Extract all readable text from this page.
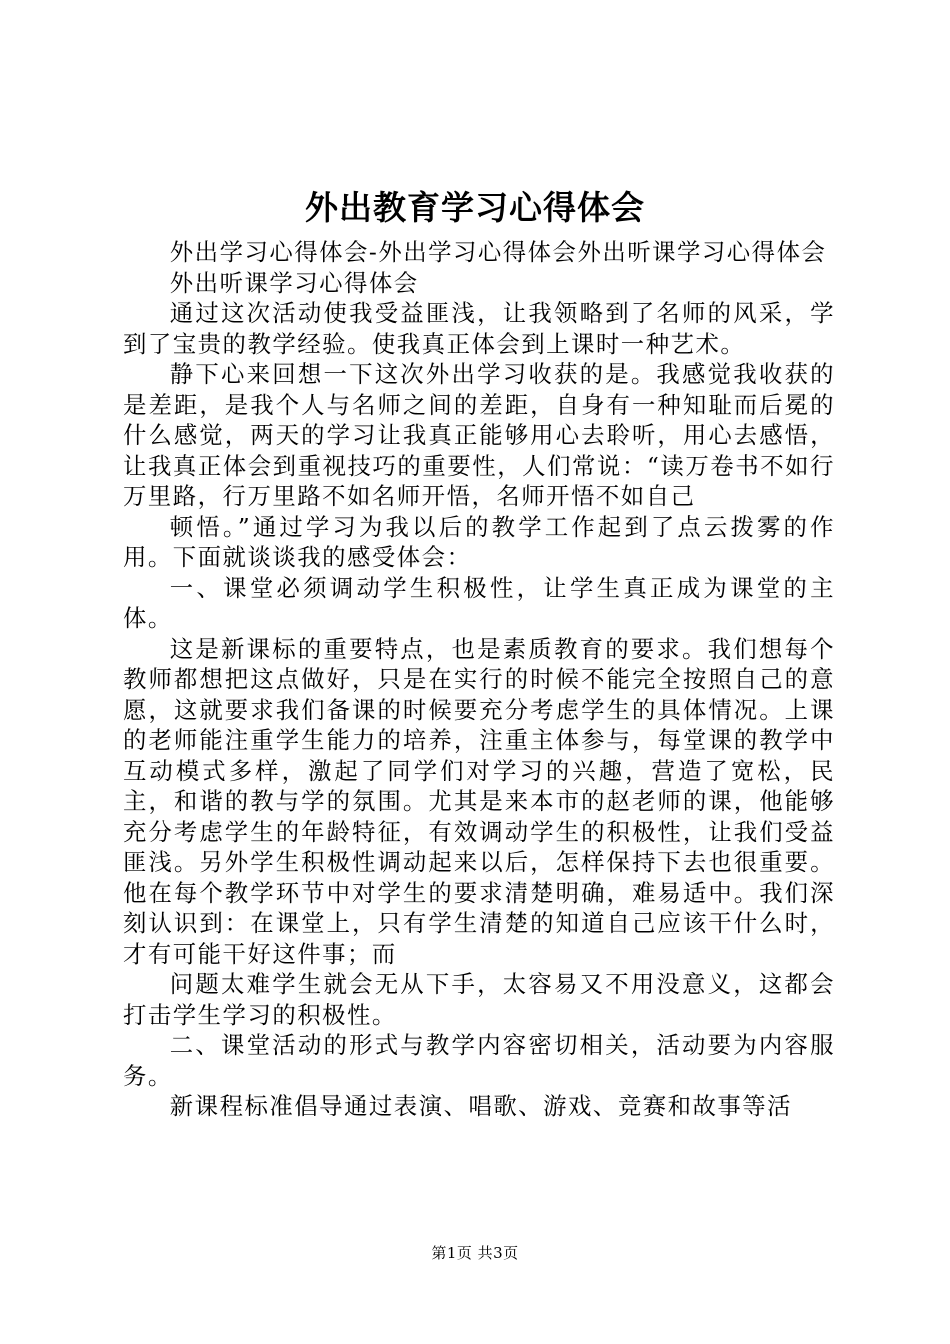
外出教育学习心得体会

外出学习心得体会-外出学习心得体会外出听课学习心得体会

外出听课学习心得体会

通过这次活动使我受益匪浅，让我领略到了名师的风采，学到了宝贵的教学经验。使我真正体会到上课时一种艺术。

静下心来回想一下这次外出学习收获的是。我感觉我收获的是差距，是我个人与名师之间的差距，自身有一种知耻而后冕的什么感觉，两天的学习让我真正能够用心去聆听，用心去感悟，让我真正体会到重视技巧的重要性，人们常说：“读万卷书不如行万里路，行万里路不如名师开悟，名师开悟不如自己

顿悟。”通过学习为我以后的教学工作起到了点云拨雾的作用。下面就谈谈我的感受体会：

一、课堂必须调动学生积极性，让学生真正成为课堂的主体。

这是新课标的重要特点，也是素质教育的要求。我们想每个教师都想把这点做好，只是在实行的时候不能完全按照自己的意愿，这就要求我们备课的时候要充分考虑学生的具体情况。上课的老师能注重学生能力的培养，注重主体参与，每堂课的教学中互动模式多样，激起了同学们对学习的兴趣，营造了宽松，民主，和谐的教与学的氛围。尤其是来本市的赵老师的课，他能够充分考虑学生的年龄特征，有效调动学生的积极性，让我们受益匪浅。另外学生积极性调动起来以后，怎样保持下去也很重要。他在每个教学环节中对学生的要求清楚明确，难易适中。我们深刻认识到：在课堂上，只有学生清楚的知道自己应该干什么时，才有可能干好这件事；而

问题太难学生就会无从下手，太容易又不用没意义，这都会打击学生学习的积极性。

二、课堂活动的形式与教学内容密切相关，活动要为内容服务。

新课程标准倡导通过表演、唱歌、游戏、竞赛和故事等活

第1页 共3页
